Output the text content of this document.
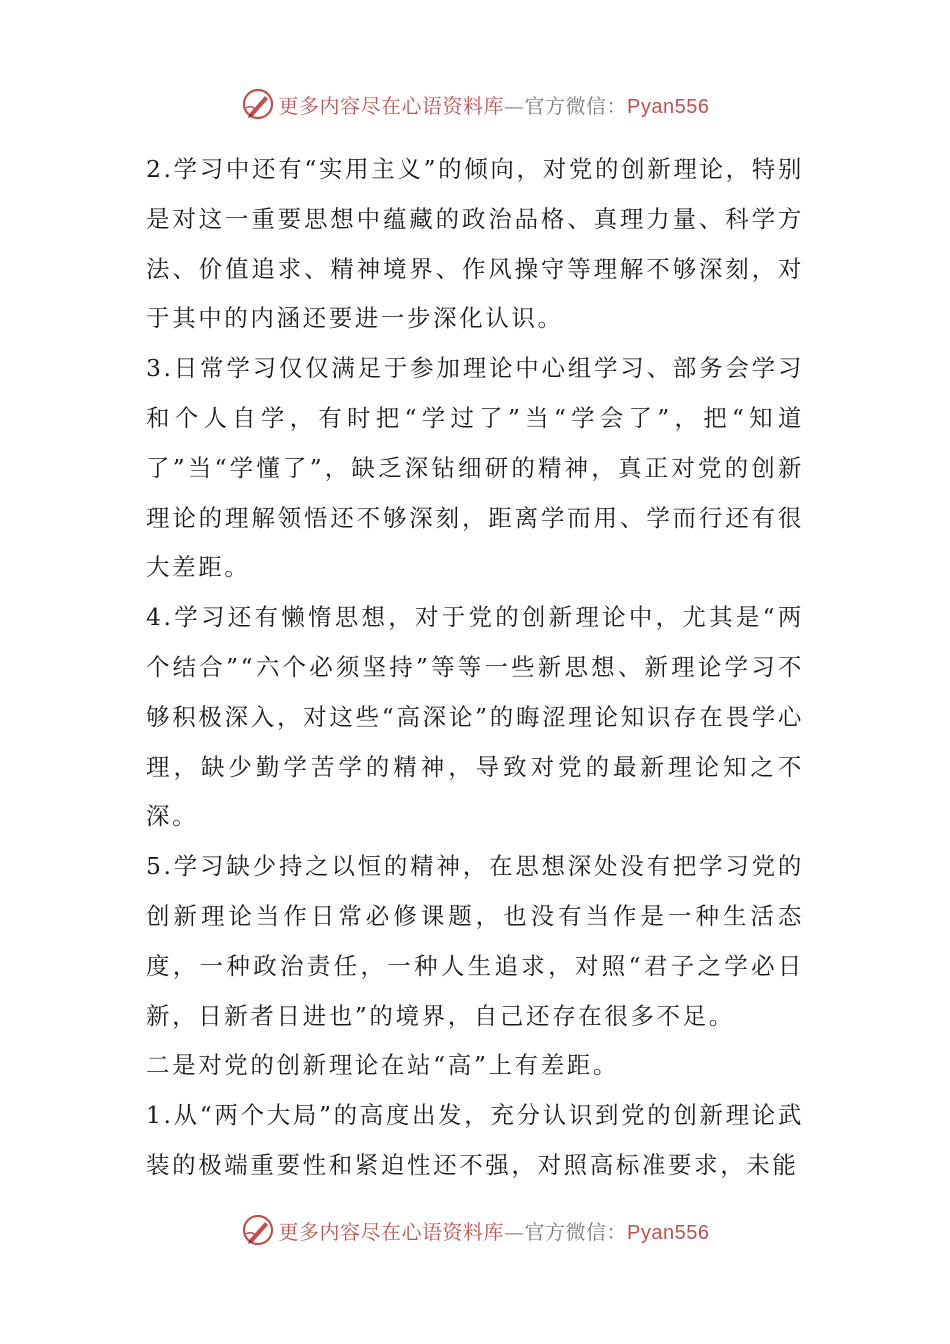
更多内容尽在心语资料库—官方微信：Pyan556

2.学习中还有“实用主义”的倾向，对党的创新理论，特别是对这一重要思想中蕴藏的政治品格、真理力量、科学方法、价值追求、精神境界、作风操守等理解不够深刻，对于其中的内涵还要进一步深化认识。

3.日常学习仅仅满足于参加理论中心组学习、部务会学习和个人自学，有时把“学过了”当“学会了”，把“知道了”当“学懂了”，缺乏深钻细研的精神，真正对党的创新理论的理解领悟还不够深刻，距离学而用、学而行还有很大差距。

4.学习还有懒惰思想，对于党的创新理论中，尤其是“两个结合”“六个必须坚持”等等一些新思想、新理论学习不够积极深入，对这些“高深论”的晦涩理论知识存在畏学心理，缺少勤学苦学的精神，导致对党的最新理论知之不深。

5.学习缺少持之以恒的精神，在思想深处没有把学习党的创新理论当作日常必修课题，也没有当作是一种生活态度，一种政治责任，一种人生追求，对照“君子之学必日新，日新者日进也”的境界，自己还存在很多不足。

二是对党的创新理论在站“高”上有差距。

1.从“两个大局”的高度出发，充分认识到党的创新理论武装的极端重要性和紧迫性还不强，对照高标准要求，未能

更多内容尽在心语资料库—官方微信：Pyan556
